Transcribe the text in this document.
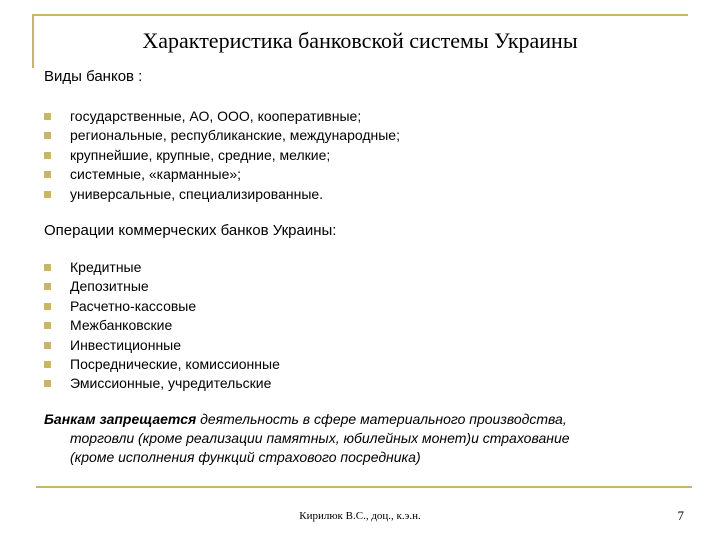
Характеристика банковской системы Украины
Виды банков :
государственные, АО, ООО, кооперативные;
региональные, республиканские, международные;
крупнейшие, крупные, средние, мелкие;
системные, «карманные»;
универсальные, специализированные.
Операции коммерческих банков Украины:
Кредитные
Депозитные
Расчетно-кассовые
Межбанковские
Инвестиционные
Посреднические, комиссионные
Эмиссионные, учредительские
Банкам запрещается деятельность в сфере материального производства,
торговли (кроме реализации памятных, юбилейных монет)и страхование
(кроме исполнения функций страхового посредника)
Кирилюк В.С., доц., к.э.н.	7
